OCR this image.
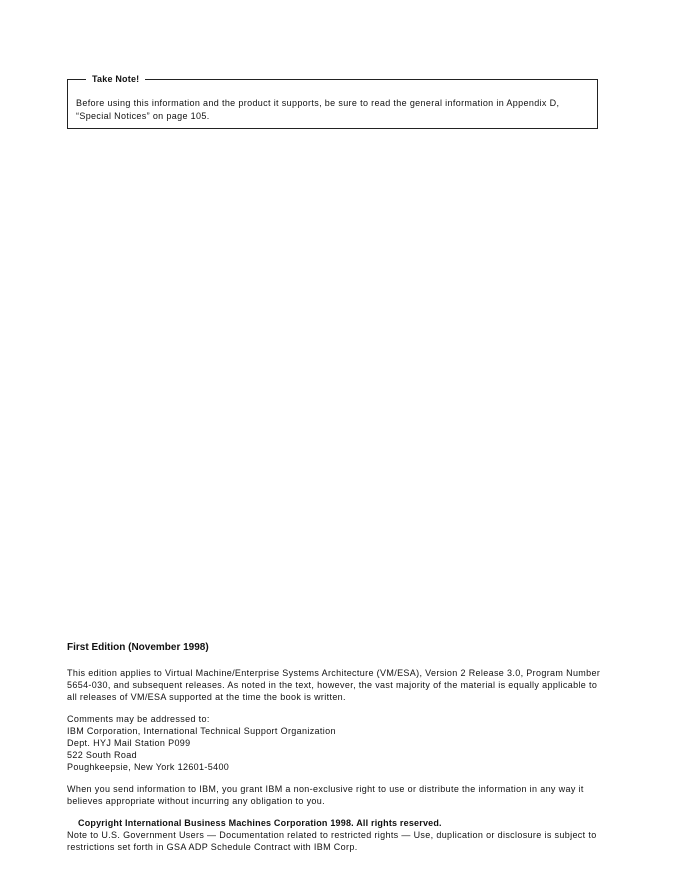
Take Note!

Before using this information and the product it supports, be sure to read the general information in Appendix D, “Special Notices” on page 105.

First Edition (November 1998)

This edition applies to Virtual Machine/Enterprise Systems Architecture (VM/ESA), Version 2 Release 3.0, Program Number 5654-030, and subsequent releases. As noted in the text, however, the vast majority of the material is equally applicable to all releases of VM/ESA supported at the time the book is written.

Comments may be addressed to:
IBM Corporation, International Technical Support Organization
Dept. HYJ Mail Station P099
522 South Road
Poughkeepsie, New York 12601-5400

When you send information to IBM, you grant IBM a non-exclusive right to use or distribute the information in any way it believes appropriate without incurring any obligation to you.

Copyright International Business Machines Corporation 1998. All rights reserved.

Note to U.S. Government Users — Documentation related to restricted rights — Use, duplication or disclosure is subject to restrictions set forth in GSA ADP Schedule Contract with IBM Corp.
